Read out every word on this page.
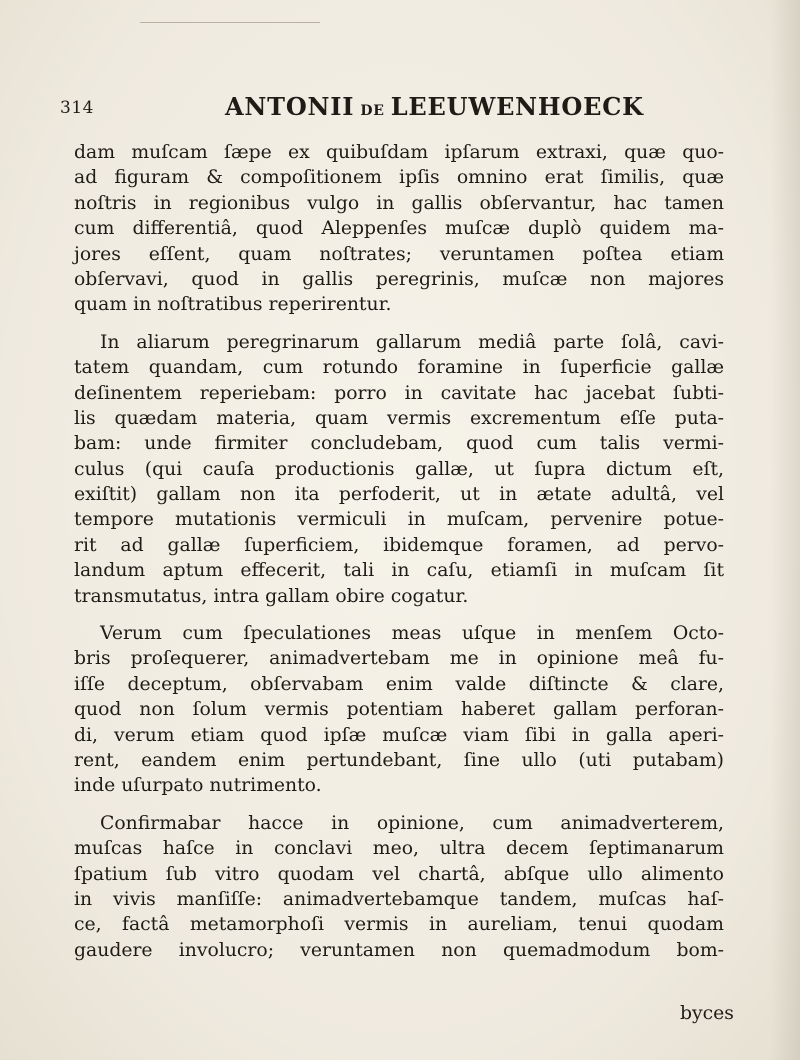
314	ANTONII DE LEEUWENHOECK
dam muſcam ſæpe ex quibuſdam ipſarum extraxi, quæ quo-
ad figuram & compoſitionem ipſis omnino erat ſimilis, quæ
noſtris in regionibus vulgo in gallis obſervantur, hac tamen
cum differentiâ, quod Aleppenſes muſcæ duplò quidem ma-
jores eſſent, quam noſtrates; veruntamen poſtea etiam
obſervavi, quod in gallis peregrinis, muſcæ non majores
quam in noſtratibus reperirentur.
In aliarum peregrinarum gallarum mediâ parte ſolâ, cavi-
tatem quandam, cum rotundo foramine in ſuperficie gallæ
deſinentem reperiebam: porro in cavitate hac jacebat ſubti-
lis quædam materia, quam vermis excrementum eſſe puta-
bam: unde firmiter concludebam, quod cum talis vermi-
culus (qui cauſa productionis gallæ, ut ſupra dictum eſt,
exiſtit) gallam non ita perfoderit, ut in ætate adultâ, vel
tempore mutationis vermiculi in muſcam, pervenire potue-
rit ad gallæ ſuperficiem, ibidemque foramen, ad pervo-
landum aptum effecerit, tali in caſu, etiamſi in muſcam ſit
transmutatus, intra gallam obire cogatur.
Verum cum ſpeculationes meas uſque in menſem Octo-
bris proſequerer, animadvertebam me in opinione meâ fu-
iſſe deceptum, obſervabam enim valde diſtincte & clare,
quod non ſolum vermis potentiam haberet gallam perforan-
di, verum etiam quod ipſæ muſcæ viam ſibi in galla aperi-
rent, eandem enim pertundebant, ſine ullo (uti putabam)
inde uſurpato nutrimento.
Confirmabar hacce in opinione, cum animadverterem,
muſcas haſce in conclavi meo, ultra decem ſeptimanarum
ſpatium ſub vitro quodam vel chartâ, abſque ullo alimento
in vivis manſiſſe: animadvertebamque tandem, muſcas haſ-
ce, factâ metamorphoſi vermis in aureliam, tenui quodam
gaudere involucro; veruntamen non quemadmodum bom-
byces
